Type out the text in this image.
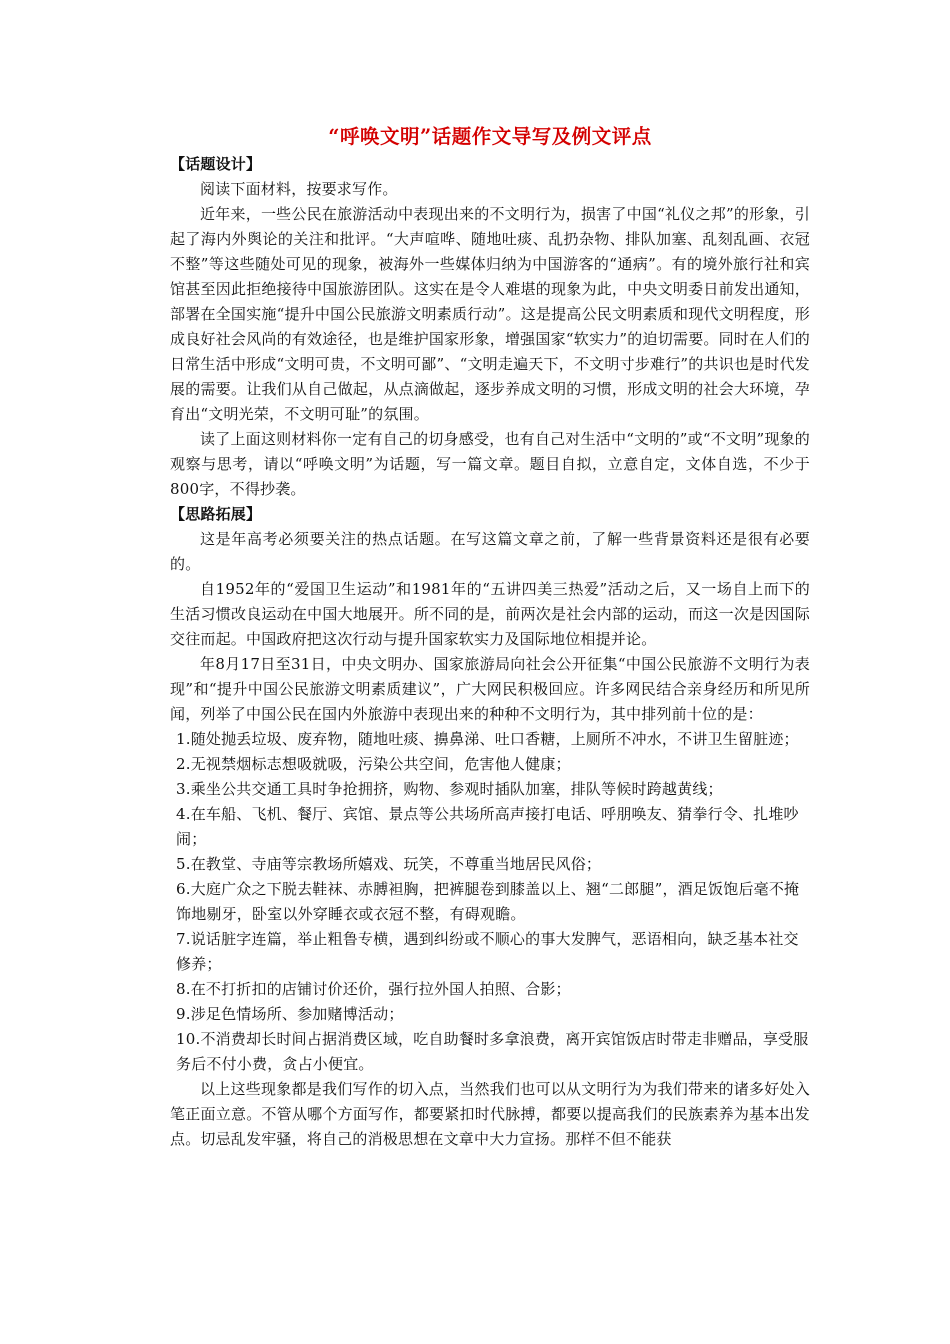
“呼唤文明”话题作文导写及例文评点
【话题设计】

阅读下面材料，按要求写作。

近年来，一些公民在旅游活动中表现出来的不文明行为，损害了中国“礼仪之邦”的形象，引起了海内外舆论的关注和批评。“大声喧哗、随地吐痰、乱扔杂物、排队加塞、乱刻乱画、衣冠不整”等这些随处可见的现象，被海外一些媒体归纳为中国游客的“通病”。有的境外旅行社和宾馆甚至因此拒绝接待中国旅游团队。这实在是令人难堪的现象为此，中央文明委日前发出通知，部署在全国实施“提升中国公民旅游文明素质行动”。这是提高公民文明素质和现代文明程度，形成良好社会风尚的有效途径，也是维护国家形象，增强国家“软实力”的迫切需要。同时在人们的日常生活中形成“文明可贵，不文明可鄙”、“文明走遍天下，不文明寸步难行”的共识也是时代发展的需要。让我们从自己做起，从点滴做起，逐步养成文明的习惯，形成文明的社会大环境，孕育出“文明光荣，不文明可耻”的氛围。

读了上面这则材料你一定有自己的切身感受，也有自己对生活中“文明的”或“不文明”现象的观察与思考，请以“呼唤文明”为话题，写一篇文章。题目自拟，立意自定，文体自选，不少于800字，不得抄袭。

【思路拓展】

这是年高考必须要关注的热点话题。在写这篇文章之前，了解一些背景资料还是很有必要的。

自1952年的“爱国卫生运动”和1981年的“五讲四美三热爱”活动之后，又一场自上而下的生活习惯改良运动在中国大地展开。所不同的是，前两次是社会内部的运动，而这一次是因国际交往而起。中国政府把这次行动与提升国家软实力及国际地位相提并论。

年8月17日至31日，中央文明办、国家旅游局向社会公开征集“中国公民旅游不文明行为表现”和“提升中国公民旅游文明素质建议”，广大网民积极回应。许多网民结合亲身经历和所见所闻，列举了中国公民在国内外旅游中表现出来的种种不文明行为，其中排列前十位的是：

1.随处抛丢垃圾、废弃物，随地吐痰、擤鼻涕、吐口香糖，上厕所不冲水，不讲卫生留脏迹；

2.无视禁烟标志想吸就吸，污染公共空间，危害他人健康；

3.乘坐公共交通工具时争抢拥挤，购物、参观时插队加塞，排队等候时跨越黄线；

4.在车船、飞机、餐厅、宾馆、景点等公共场所高声接打电话、呼朋唤友、猜拳行令、扎堆吵闹；

5.在教堂、寺庙等宗教场所嬉戏、玩笑，不尊重当地居民风俗；

6.大庭广众之下脱去鞋袜、赤膊袒胸，把裤腿卷到膝盖以上、翘“二郎腿”，酒足饭饱后毫不掩饰地剔牙，卧室以外穿睡衣或衣冠不整，有碍观瞻。

7.说话脏字连篇，举止粗鲁专横，遇到纠纷或不顺心的事大发脾气，恶语相向，缺乏基本社交修养；

8.在不打折扣的店铺讨价还价，强行拉外国人拍照、合影；

9.涉足色情场所、参加赌博活动；

10.不消费却长时间占据消费区域，吃自助餐时多拿浪费，离开宾馆饭店时带走非赠品，享受服务后不付小费，贪占小便宜。

以上这些现象都是我们写作的切入点，当然我们也可以从文明行为为我们带来的诸多好处入笔正面立意。不管从哪个方面写作，都要紧扣时代脉搏，都要以提高我们的民族素养为基本出发点。切忌乱发牢骚，将自己的消极思想在文章中大力宣扬。那样不但不能获
